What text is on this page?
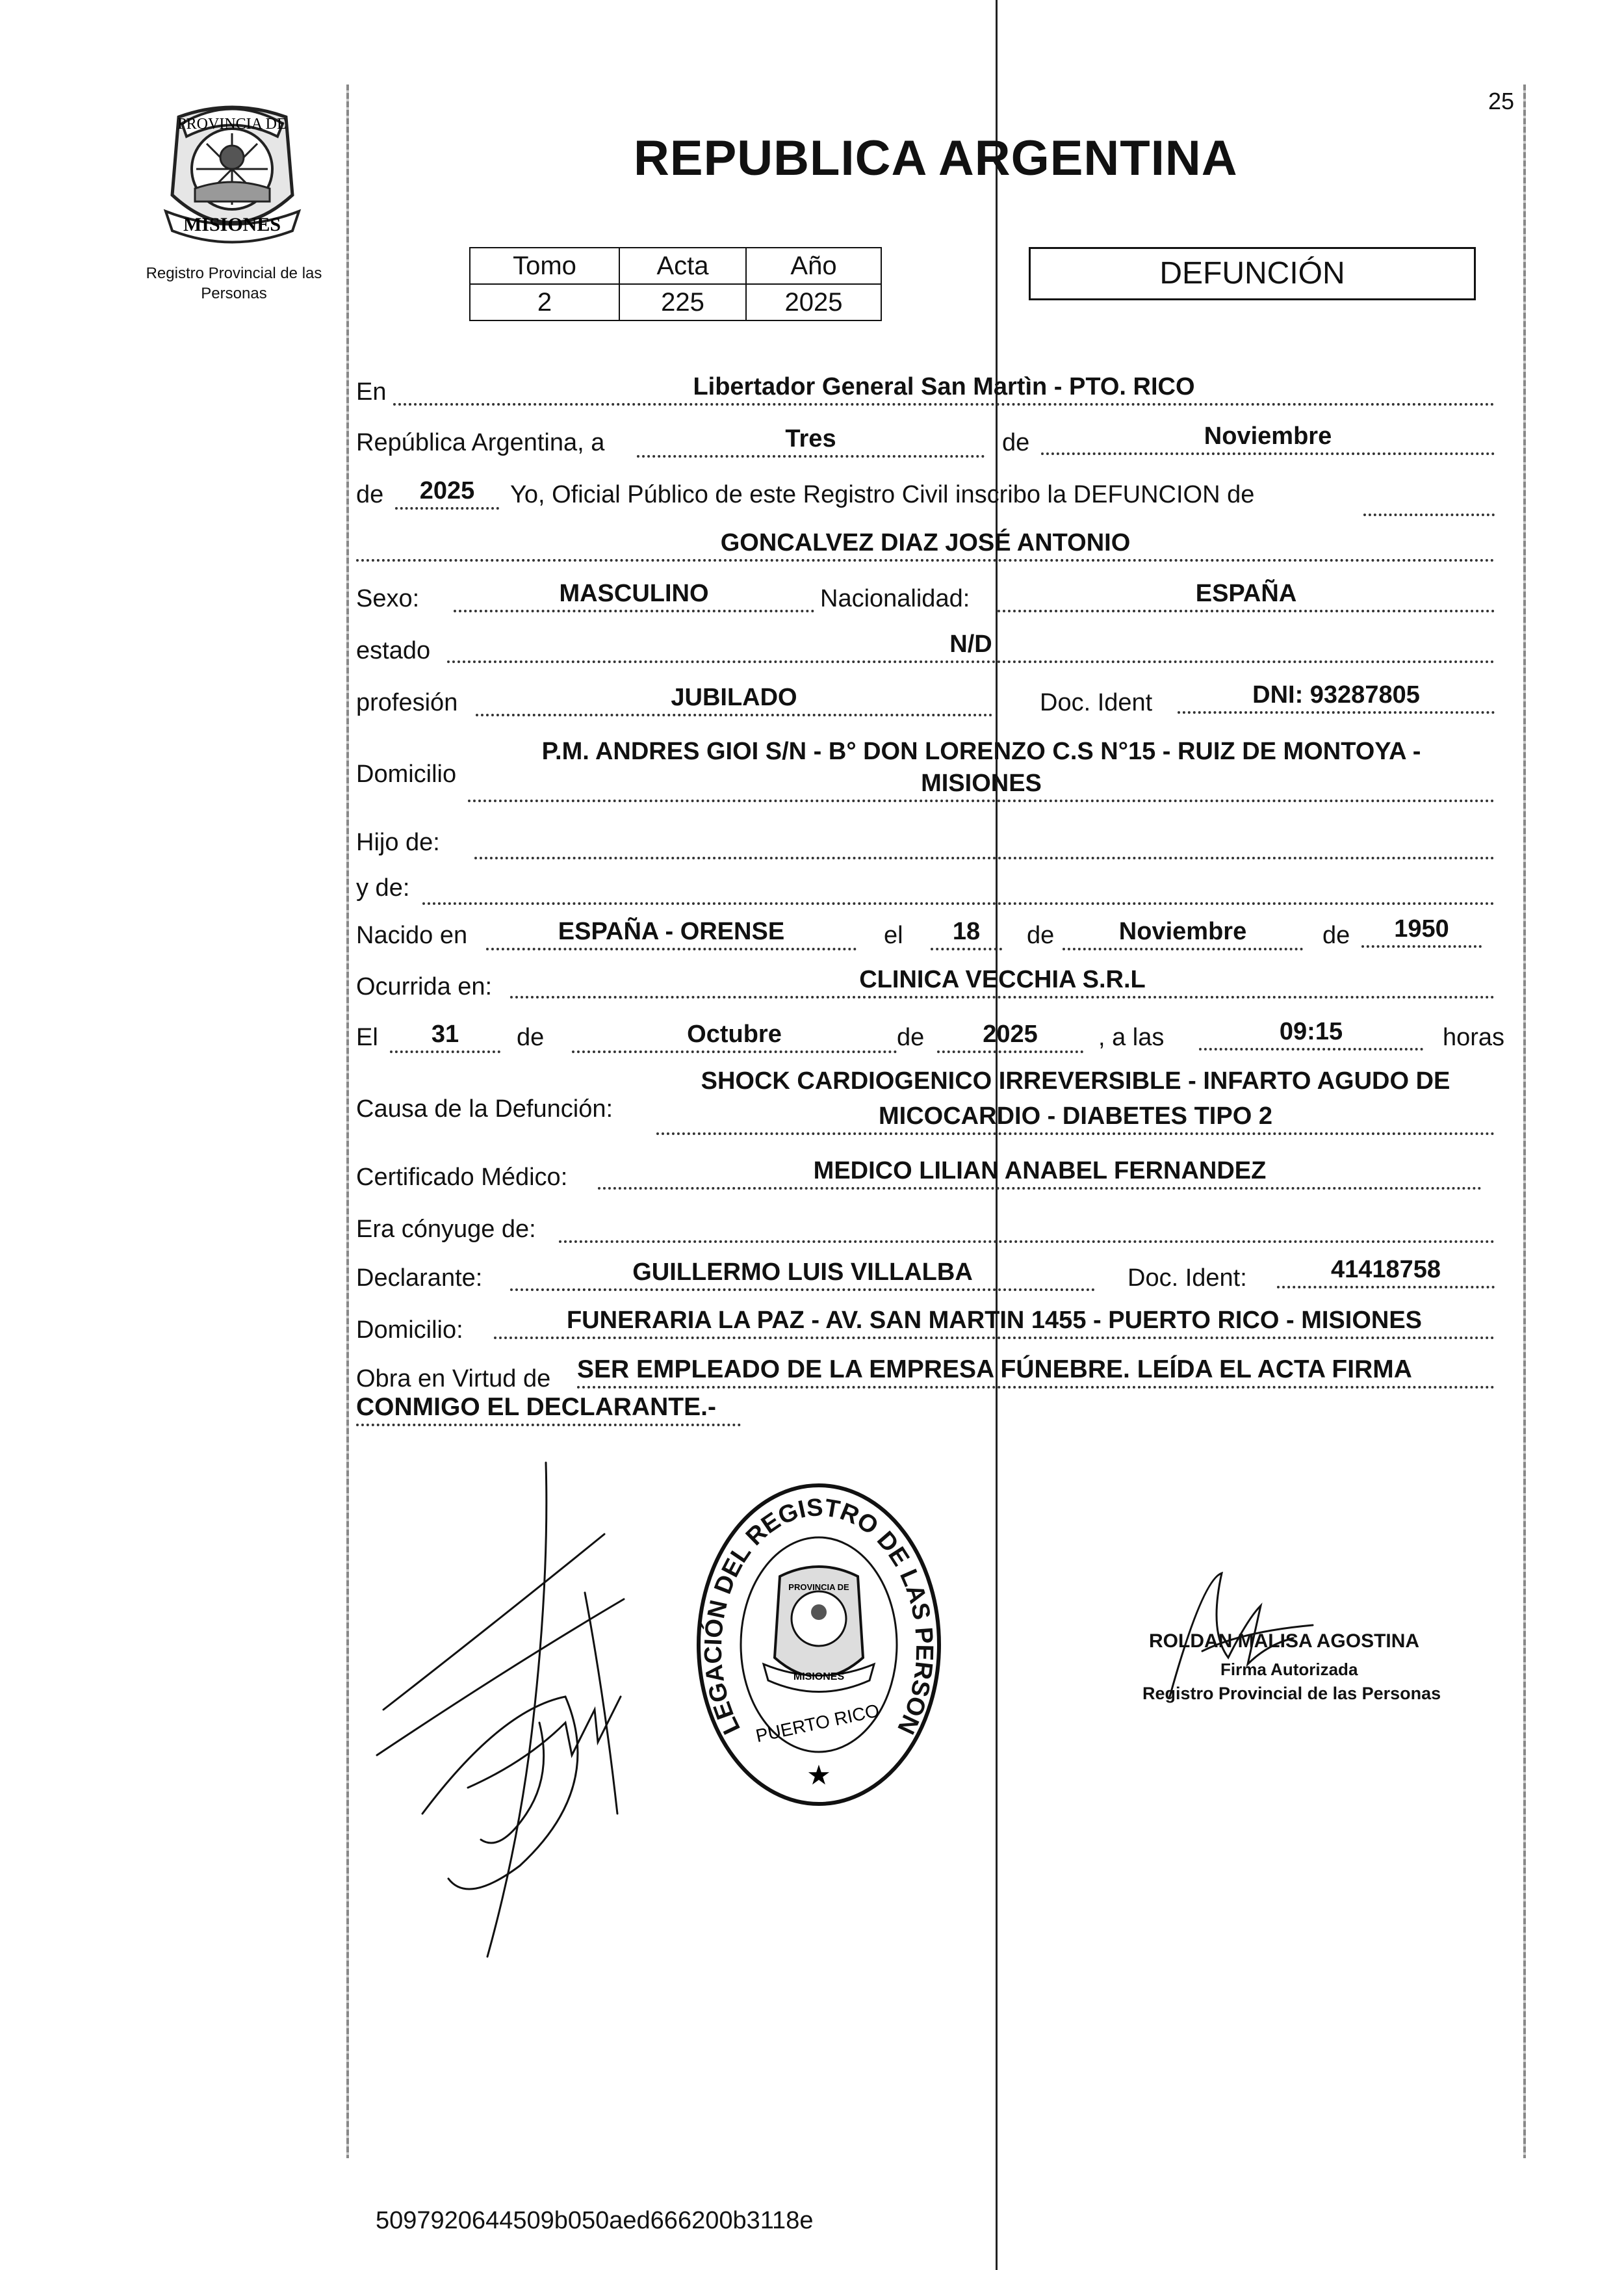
PROVINCIA DE
MISIONES
Registro Provincial de las Personas
25
REPUBLICA ARGENTINA
Tomo	Acta	Año
2	225	2025
DEFUNCIÓN
En	Libertador General San Martìn - PTO. RICO
República Argentina, a	Tres	de	Noviembre
de	2025	Yo, Oficial Público de este Registro Civil inscribo la DEFUNCION de
GONCALVEZ DIAZ JOSÉ ANTONIO
Sexo:	MASCULINO	Nacionalidad:	ESPAÑA
estado	N/D
profesión	JUBILADO	Doc. Ident	DNI: 93287805
Domicilio
P.M. ANDRES GIOI S/N - B° DON LORENZO C.S N°15 - RUIZ DE MONTOYA -
MISIONES
Hijo de:
y de:
Nacido en	ESPAÑA - ORENSE	el	18	de	Noviembre	de	1950
Ocurrida en:	CLINICA VECCHIA S.R.L
El	31	de	Octubre	de	2025	, a las	09:15	horas
Causa de la Defunción:
SHOCK CARDIOGENICO IRREVERSIBLE - INFARTO AGUDO DE
MICOCARDIO - DIABETES TIPO 2
Certificado Médico:	MEDICO LILIAN ANABEL FERNANDEZ
Era cónyuge de:
Declarante:	GUILLERMO LUIS VILLALBA	Doc. Ident:	41418758
Domicilio:	FUNERARIA LA PAZ - AV. SAN MARTIN 1455 - PUERTO RICO - MISIONES
Obra en Virtud de SER EMPLEADO DE LA EMPRESA FÚNEBRE. LEÍDA EL ACTA FIRMA
CONMIGO EL DECLARANTE.-
LEGACIÓN DEL REGISTRO DE LAS PERSON
PROVINCIA DE
MISIONES
PUERTO RICO
★
ROLDAN MALISA AGOSTINA
Firma Autorizada
Registro Provincial de las Personas
5097920644509b050aed666200b3118e
